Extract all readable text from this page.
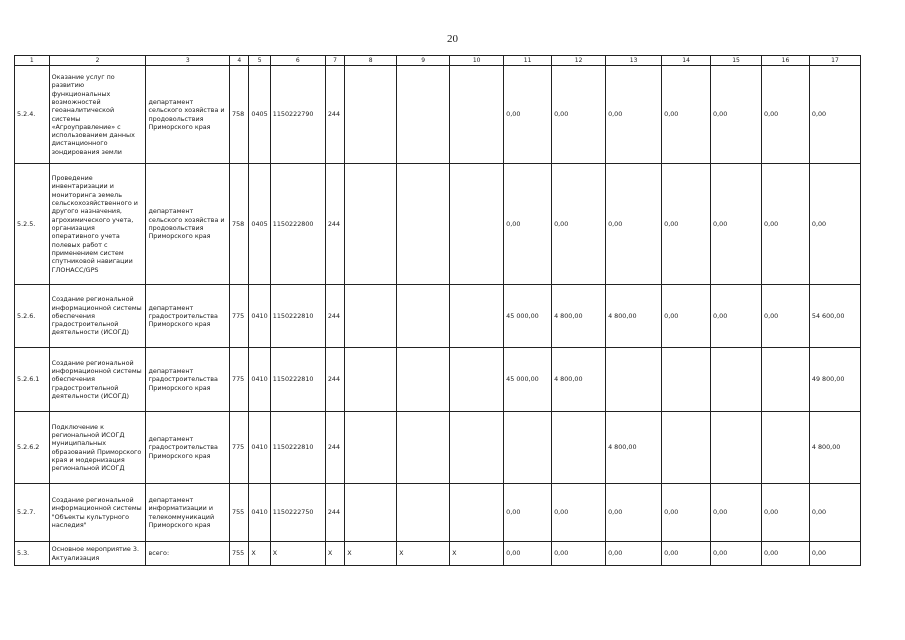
20
1	2	3	4	5	6	7	8	9	10	11	12	13	14	15	16	17
5.2.4.	Оказание услуг по развитию функциональных возможностей геоаналитической системы «Агроуправление» с использованием данных дистанционного зондирования земли	департамент сельского хозяйства и продовольствия Приморского края	758	0405	1150222790	244				0,00	0,00	0,00	0,00	0,00	0,00	0,00
5.2.5.	Проведение инвентаризации и мониторинга земель сельскохозяйственного и другого назначения, агрохимического учета, организация оперативного учета полевых работ с применением систем спутниковой навигации ГЛОНАСС/GPS	департамент сельского хозяйства и продовольствия Приморского края	758	0405	1150222800	244				0,00	0,00	0,00	0,00	0,00	0,00	0,00
5.2.6.	Создание региональной информационной системы обеспечения градостроительной деятельности (ИСОГД)	департамент градостроительства Приморского края	775	0410	1150222810	244				45 000,00	4 800,00	4 800,00	0,00	0,00	0,00	54 600,00
5.2.6.1	Создание региональной информационной системы обеспечения градостроительной деятельности (ИСОГД)	департамент градостроительства Приморского края	775	0410	1150222810	244				45 000,00	4 800,00					49 800,00
5.2.6.2	Подключение к региональной ИСОГД муниципальных образований Приморского края и модернизация региональной ИСОГД	департамент градостроительства Приморского края	775	0410	1150222810	244						4 800,00				4 800,00
5.2.7.	Создание региональной информационной системы "Объекты культурного наследия"	департамент информатизации и телекоммуникаций Приморского края	755	0410	1150222750	244				0,00	0,00	0,00	0,00	0,00	0,00	0,00
5.3.	Основное мероприятие 3. Актуализация	всего:	755	X	X	X	X	X	X	0,00	0,00	0,00	0,00	0,00	0,00	0,00
